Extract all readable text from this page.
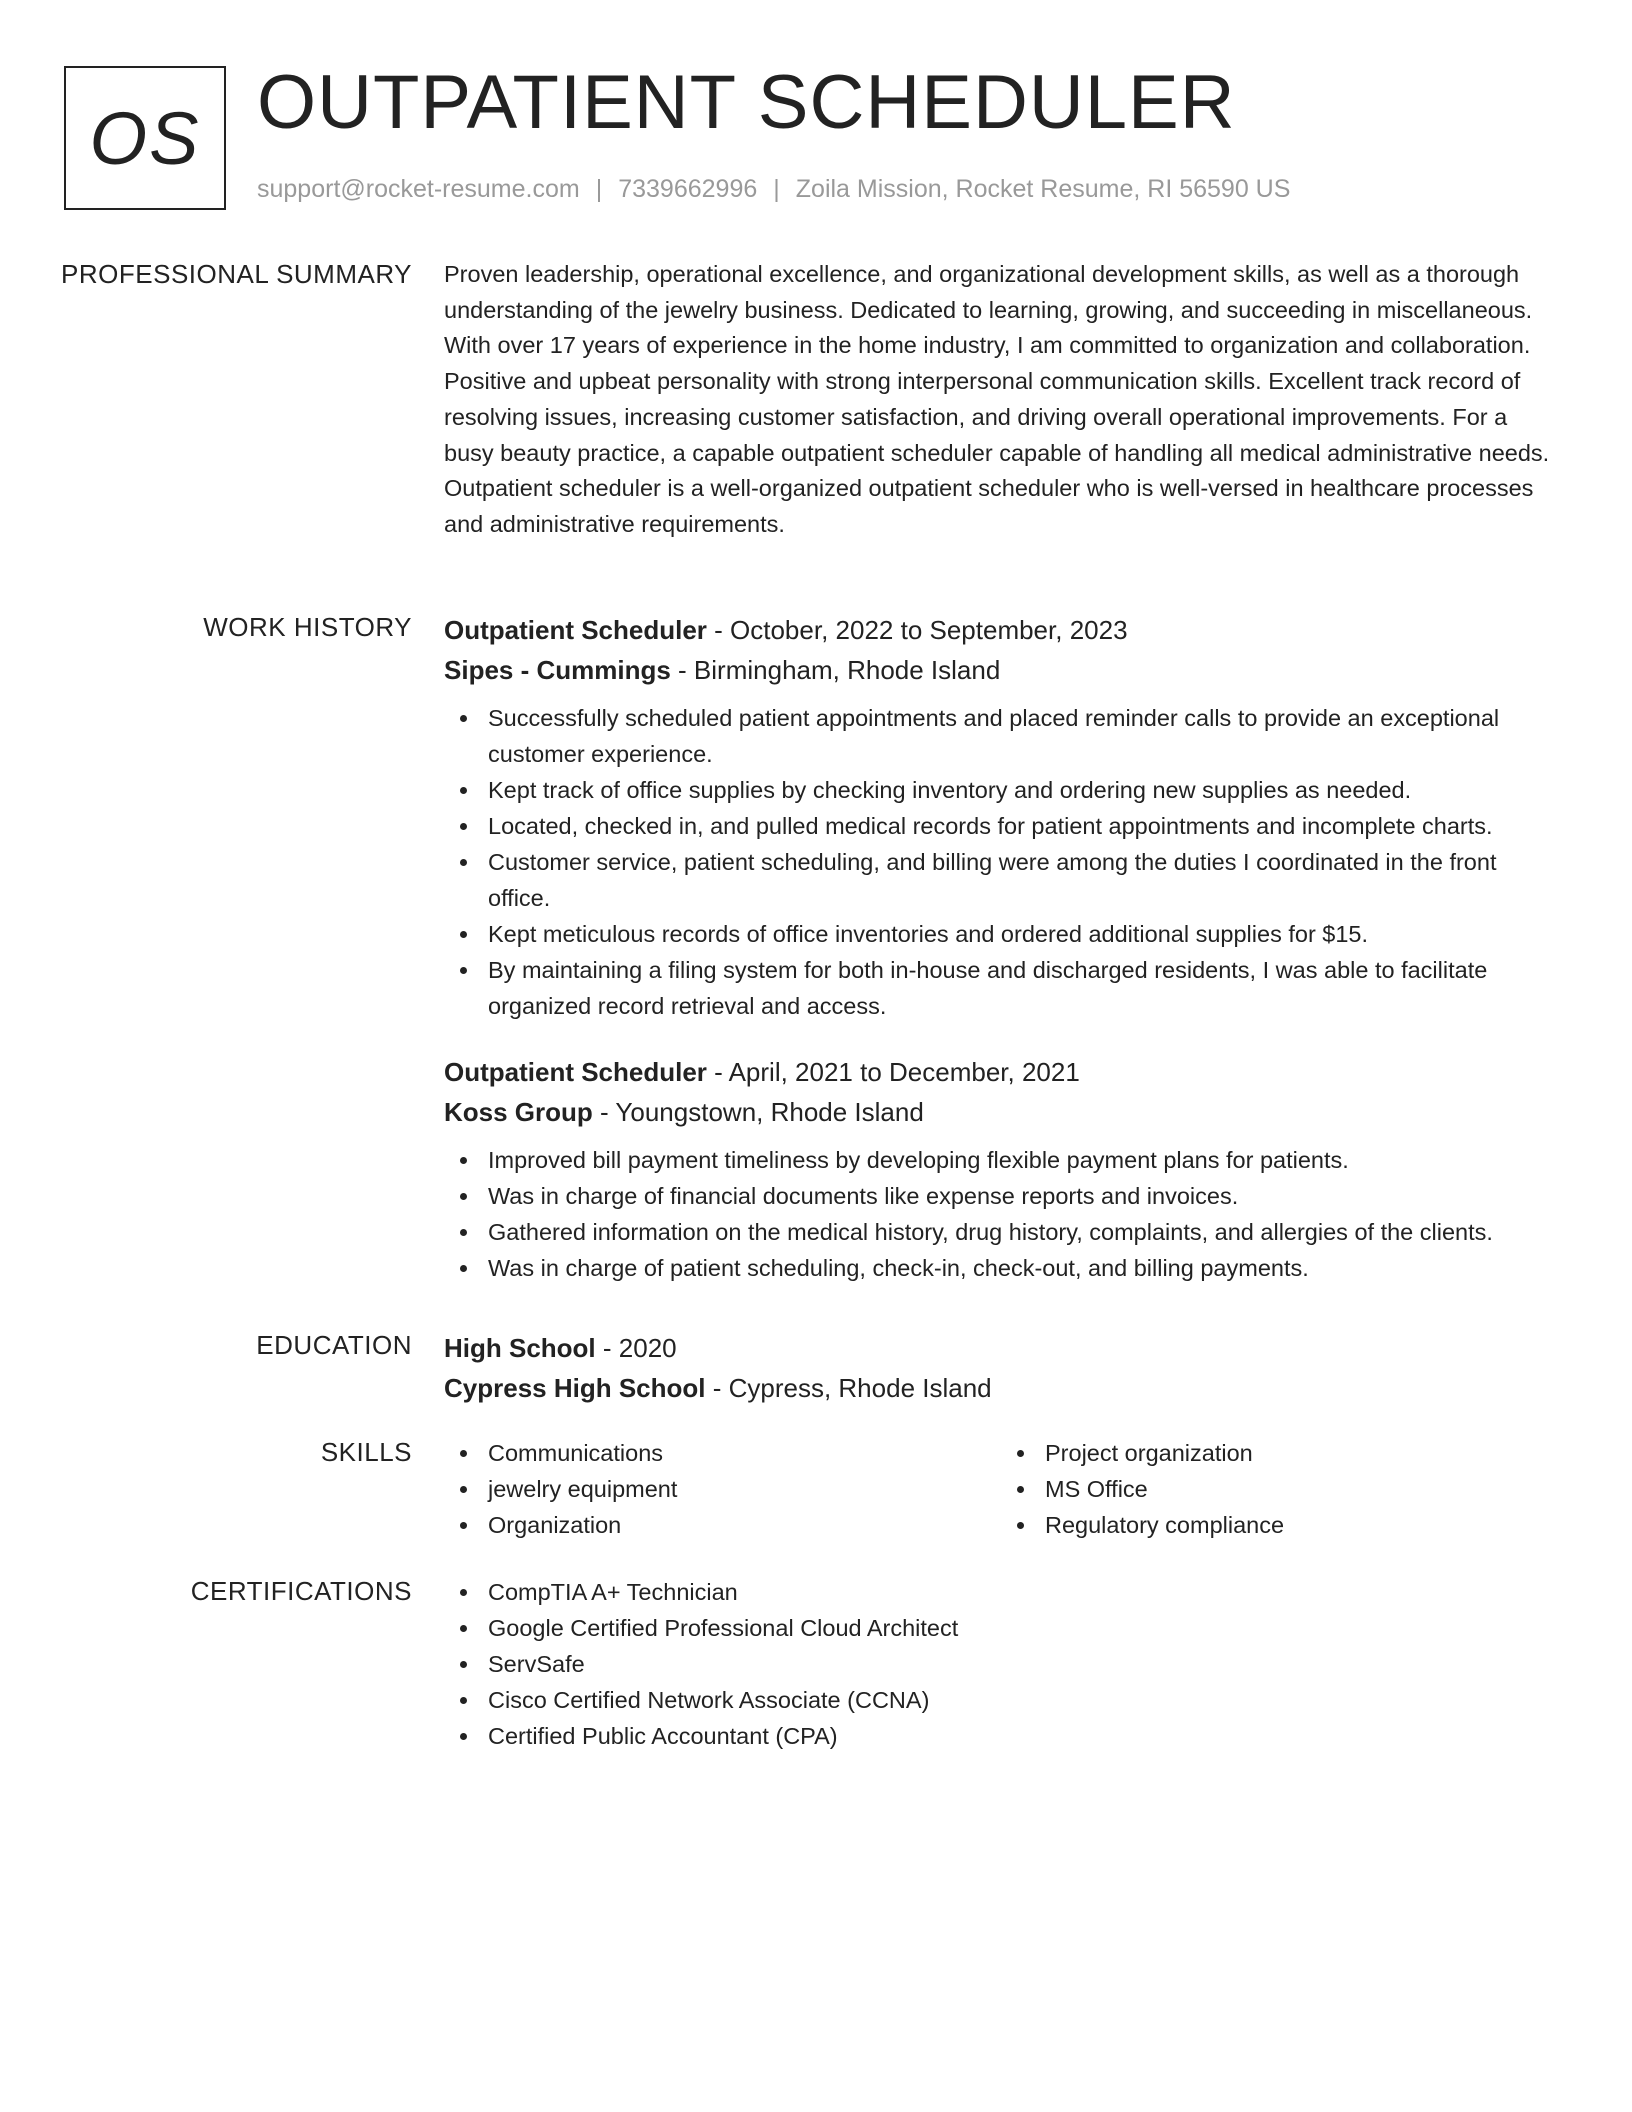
OS OUTPATIENT SCHEDULER
support@rocket-resume.com | 7339662996 | Zoila Mission, Rocket Resume, RI 56590 US
PROFESSIONAL SUMMARY Proven leadership, operational excellence, and organizational development skills, as well as a thorough understanding of the jewelry business. Dedicated to learning, growing, and succeeding in miscellaneous. With over 17 years of experience in the home industry, I am committed to organization and collaboration. Positive and upbeat personality with strong interpersonal communication skills. Excellent track record of resolving issues, increasing customer satisfaction, and driving overall operational improvements. For a busy beauty practice, a capable outpatient scheduler capable of handling all medical administrative needs. Outpatient scheduler is a well-organized outpatient scheduler who is well-versed in healthcare processes and administrative requirements.

WORK HISTORY Outpatient Scheduler - October, 2022 to September, 2023

Sipes - Cummings - Birmingham, Rhode Island

Successfully scheduled patient appointments and placed reminder calls to provide an exceptional customer experience.
Kept track of office supplies by checking inventory and ordering new supplies as needed.
Located, checked in, and pulled medical records for patient appointments and incomplete charts.
Customer service, patient scheduling, and billing were among the duties I coordinated in the front office.
Kept meticulous records of office inventories and ordered additional supplies for $15.
By maintaining a filing system for both in-house and discharged residents, I was able to facilitate organized record retrieval and access.

Outpatient Scheduler - April, 2021 to December, 2021

Koss Group - Youngstown, Rhode Island

Improved bill payment timeliness by developing flexible payment plans for patients.
Was in charge of financial documents like expense reports and invoices.
Gathered information on the medical history, drug history, complaints, and allergies of the clients.
Was in charge of patient scheduling, check-in, check-out, and billing payments.
EDUCATION High School - 2020

Cypress High School - Cypress, Rhode Island

SKILLS	Communications
jewelry equipment
Organization
Project organization
MS Office
Regulatory compliance
CERTIFICATIONS	CompTIA A+ Technician
Google Certified Professional Cloud Architect
ServSafe
Cisco Certified Network Associate (CCNA)
Certified Public Accountant (CPA)
